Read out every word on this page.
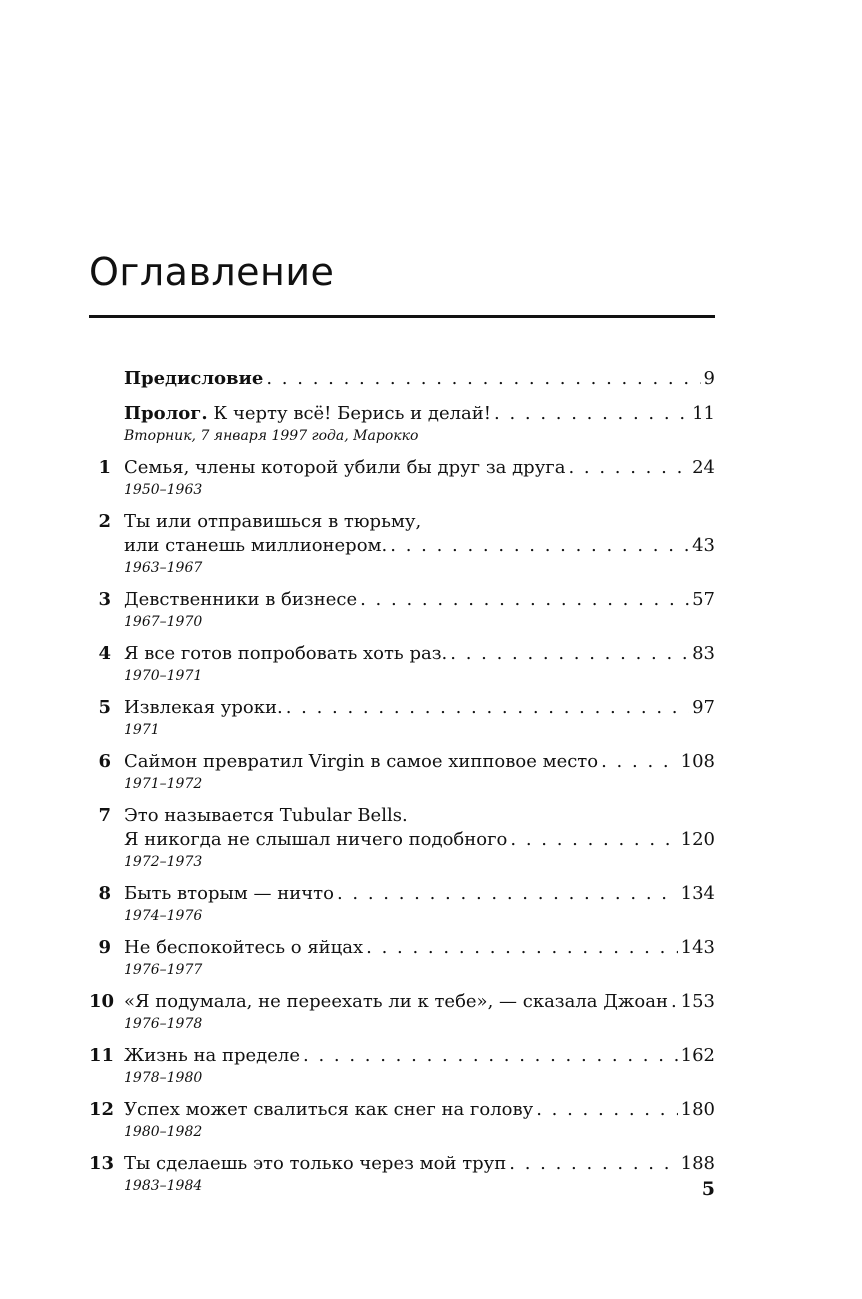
Оглавление
Предисловие . . .	9
Пролог. К черту всё! Берись и делай! . . .	11
Вторник, 7 января 1997 года, Марокко
1 Семья, члены которой убили бы друг за друга . . .	24
1950–1963
2 Ты или отправишься в тюрьму,
или станешь миллионером. . . .	43
1963–1967
3 Девственники в бизнесе . . .	57
1967–1970
4 Я все готов попробовать хоть раз. . . .	83
1970–1971
5 Извлекая уроки. . . .	97
1971
6 Саймон превратил Virgin в самое хипповое место . . .	108
1971–1972
7 Это называется Tubular Bells.
Я никогда не слышал ничего подобного . . .	120
1972–1973
8 Быть вторым — ничто . . .	134
1974–1976
9 Не беспокойтесь о яйцах . . .	143
1976–1977
10 «Я подумала, не переехать ли к тебе», — сказала Джоан . . . 153
1976–1978
11 Жизнь на пределе . . .	162
1978–1980
12 Успех может свалиться как снег на голову . . .	180
1980–1982
13 Ты сделаешь это только через мой труп . . .	188
1983–1984	5
